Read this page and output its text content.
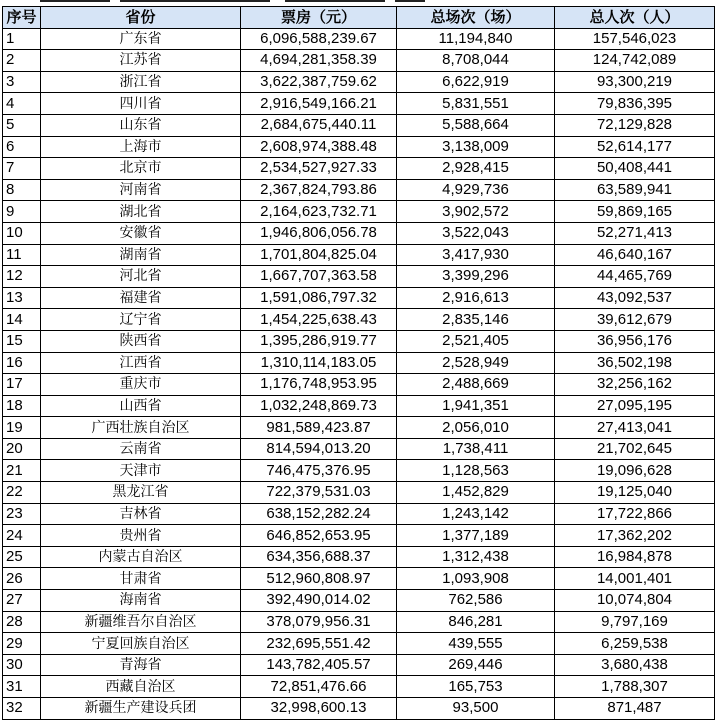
序号	省份	票房（元）	总场次（场）	总人次（人）
1	广东省	6,096,588,239.67	11,194,840	157,546,023
2	江苏省	4,694,281,358.39	8,708,044	124,742,089
3	浙江省	3,622,387,759.62	6,622,919	93,300,219
4	四川省	2,916,549,166.21	5,831,551	79,836,395
5	山东省	2,684,675,440.11	5,588,664	72,129,828
6	上海市	2,608,974,388.48	3,138,009	52,614,177
7	北京市	2,534,527,927.33	2,928,415	50,408,441
8	河南省	2,367,824,793.86	4,929,736	63,589,941
9	湖北省	2,164,623,732.71	3,902,572	59,869,165
10	安徽省	1,946,806,056.78	3,522,043	52,271,413
11	湖南省	1,701,804,825.04	3,417,930	46,640,167
12	河北省	1,667,707,363.58	3,399,296	44,465,769
13	福建省	1,591,086,797.32	2,916,613	43,092,537
14	辽宁省	1,454,225,638.43	2,835,146	39,612,679
15	陕西省	1,395,286,919.77	2,521,405	36,956,176
16	江西省	1,310,114,183.05	2,528,949	36,502,198
17	重庆市	1,176,748,953.95	2,488,669	32,256,162
18	山西省	1,032,248,869.73	1,941,351	27,095,195
19	广西壮族自治区	981,589,423.87	2,056,010	27,413,041
20	云南省	814,594,013.20	1,738,411	21,702,645
21	天津市	746,475,376.95	1,128,563	19,096,628
22	黑龙江省	722,379,531.03	1,452,829	19,125,040
23	吉林省	638,152,282.24	1,243,142	17,722,866
24	贵州省	646,852,653.95	1,377,189	17,362,202
25	内蒙古自治区	634,356,688.37	1,312,438	16,984,878
26	甘肃省	512,960,808.97	1,093,908	14,001,401
27	海南省	392,490,014.02	762,586	10,074,804
28	新疆维吾尔自治区	378,079,956.31	846,281	9,797,169
29	宁夏回族自治区	232,695,551.42	439,555	6,259,538
30	青海省	143,782,405.57	269,446	3,680,438
31	西藏自治区	72,851,476.66	165,753	1,788,307
32	新疆生产建设兵团	32,998,600.13	93,500	871,487
